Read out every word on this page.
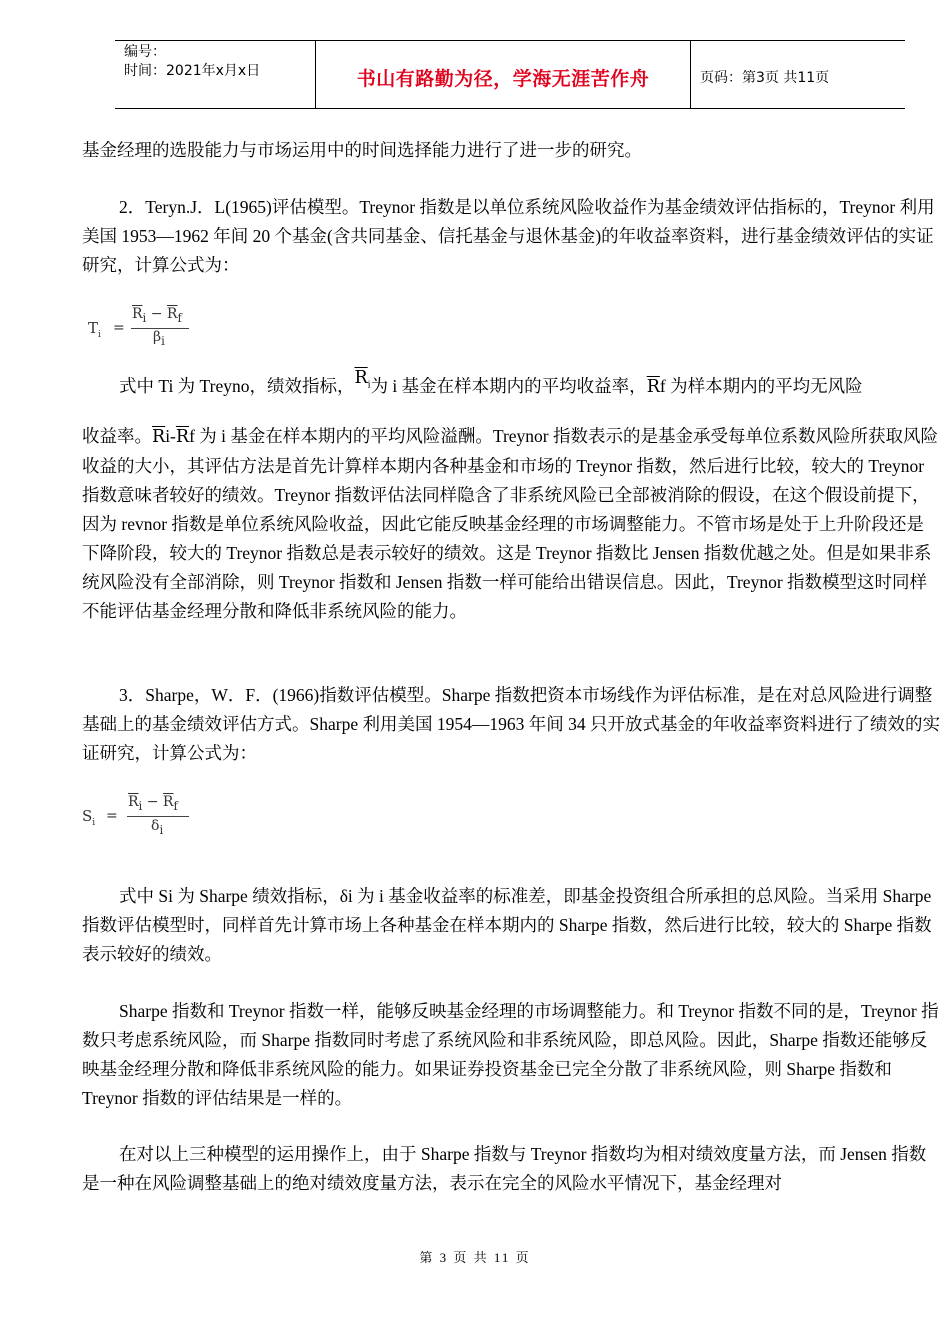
编号：
时间：2021年x月x日	书山有路勤为径，学海无涯苦作舟	页码：第3页 共11页

基金经理的选股能力与市场运用中的时间选择能力进行了进一步的研究。

2．Teryn.J．L(1965)评估模型。Treynor 指数是以单位系统风险收益作为基金绩效评估指标的，Treynor 利用美国 1953—1962 年间 20 个基金(含共同基金、信托基金与退休基金)的年收益率资料，进行基金绩效评估的实证研究，计算公式为：

$T_i$ =
$\overline{R}_i - \overline{R}_f$
$\beta_i$

式中 Ti 为 Treyno，绩效指标，$\overline{R}_i$为 i 基金在样本期内的平均收益率，$\overline{R}f$ 为样本期内的平均无风险

收益率。$\overline{R}i-\overline{R}f$ 为 i 基金在样本期内的平均风险溢酬。Treynor 指数表示的是基金承受每单位系数风险所获取风险收益的大小，其评估方法是首先计算样本期内各种基金和市场的 Treynor 指数，然后进行比较，较大的 Treynor 指数意味者较好的绩效。Treynor 指数评估法同样隐含了非系统风险已全部被消除的假设，在这个假设前提下，因为 revnor 指数是单位系统风险收益，因此它能反映基金经理的市场调整能力。不管市场是处于上升阶段还是下降阶段，较大的 Treynor 指数总是表示较好的绩效。这是 Treynor 指数比 Jensen 指数优越之处。但是如果非系统风险没有全部消除，则 Treynor 指数和 Jensen 指数一样可能给出错误信息。因此，Treynor 指数模型这时同样不能评估基金经理分散和降低非系统风险的能力。

3．Sharpe，W．F．(1966)指数评估模型。Sharpe 指数把资本市场线作为评估标准，是在对总风险进行调整基础上的基金绩效评估方式。Sharpe 利用美国 1954—1963 年间 34 只开放式基金的年收益率资料进行了绩效的实证研究，计算公式为：

$S_i$ =
$\overline{R}_i - \overline{R}_f$
$\delta_i$

式中 Si 为 Sharpe 绩效指标，δi 为 i 基金收益率的标准差，即基金投资组合所承担的总风险。当采用 Sharpe 指数评估模型时，同样首先计算市场上各种基金在样本期内的 Sharpe 指数，然后进行比较，较大的 Sharpe 指数表示较好的绩效。

Sharpe 指数和 Treynor 指数一样，能够反映基金经理的市场调整能力。和 Treynor 指数不同的是，Treynor 指数只考虑系统风险，而 Sharpe 指数同时考虑了系统风险和非系统风险，即总风险。因此，Sharpe 指数还能够反映基金经理分散和降低非系统风险的能力。如果证券投资基金已完全分散了非系统风险，则 Sharpe 指数和 Treynor 指数的评估结果是一样的。

在对以上三种模型的运用操作上，由于 Sharpe 指数与 Treynor 指数均为相对绩效度量方法，而 Jensen 指数是一种在风险调整基础上的绝对绩效度量方法，表示在完全的风险水平情况下，基金经理对

第 3 页 共 11 页
